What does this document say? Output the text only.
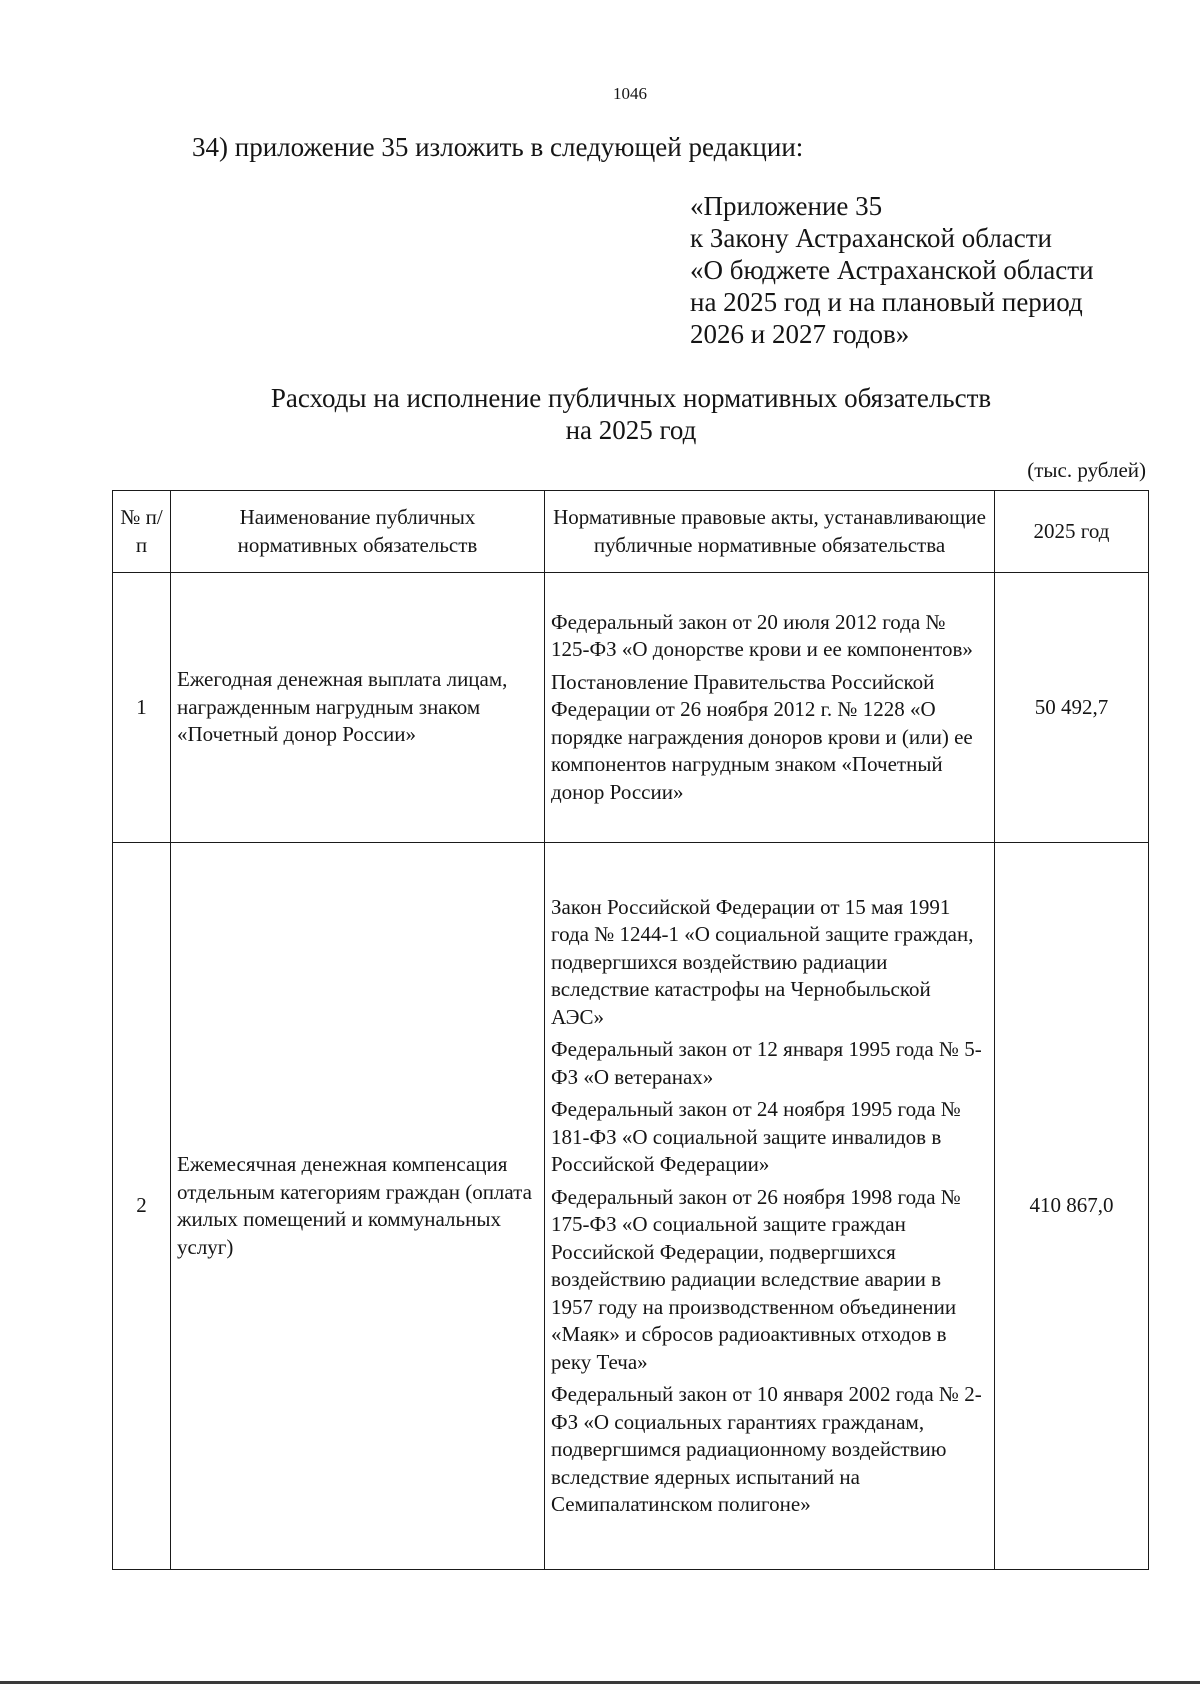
1046
34) приложение 35 изложить в следующей редакции:
«Приложение 35
к Закону Астраханской области
«О бюджете Астраханской области
на 2025 год и на плановый период
2026 и 2027 годов»
Расходы на исполнение публичных нормативных обязательств
на 2025 год
(тыс. рублей)
№ п/п	Наименование публичных нормативных обязательств	Нормативные правовые акты, устанавливающие публичные нормативные обязательства	2025 год
1	Ежегодная денежная выплата лицам, награжденным нагрудным знаком «Почетный донор России»	Федеральный закон от 20 июля 2012 года № 125-ФЗ «О донорстве крови и ее компонентов»
Постановление Правительства Российской Федерации от 26 ноября 2012 г. № 1228 «О порядке награждения доноров крови и (или) ее компонентов нагрудным знаком «Почетный донор России»	50 492,7
2	Ежемесячная денежная компенсация отдельным категориям граждан (оплата жилых помещений и коммунальных услуг)	Закон Российской Федерации от 15 мая 1991 года № 1244-1 «О социальной защите граждан, подвергшихся воздействию радиации вследствие катастрофы на Чернобыльской АЭС»
Федеральный закон от 12 января 1995 года № 5-ФЗ «О ветеранах»
Федеральный закон от 24 ноября 1995 года № 181-ФЗ «О социальной защите инвалидов в Российской Федерации»
Федеральный закон от 26 ноября 1998 года № 175-ФЗ «О социальной защите граждан Российской Федерации, подвергшихся воздействию радиации вследствие аварии в 1957 году на производственном объединении «Маяк» и сбросов радиоактивных отходов в реку Теча»
Федеральный закон от 10 января 2002 года № 2-ФЗ «О социальных гарантиях гражданам, подвергшимся радиационному воздействию вследствие ядерных испытаний на Семипалатинском полигоне»	410 867,0
